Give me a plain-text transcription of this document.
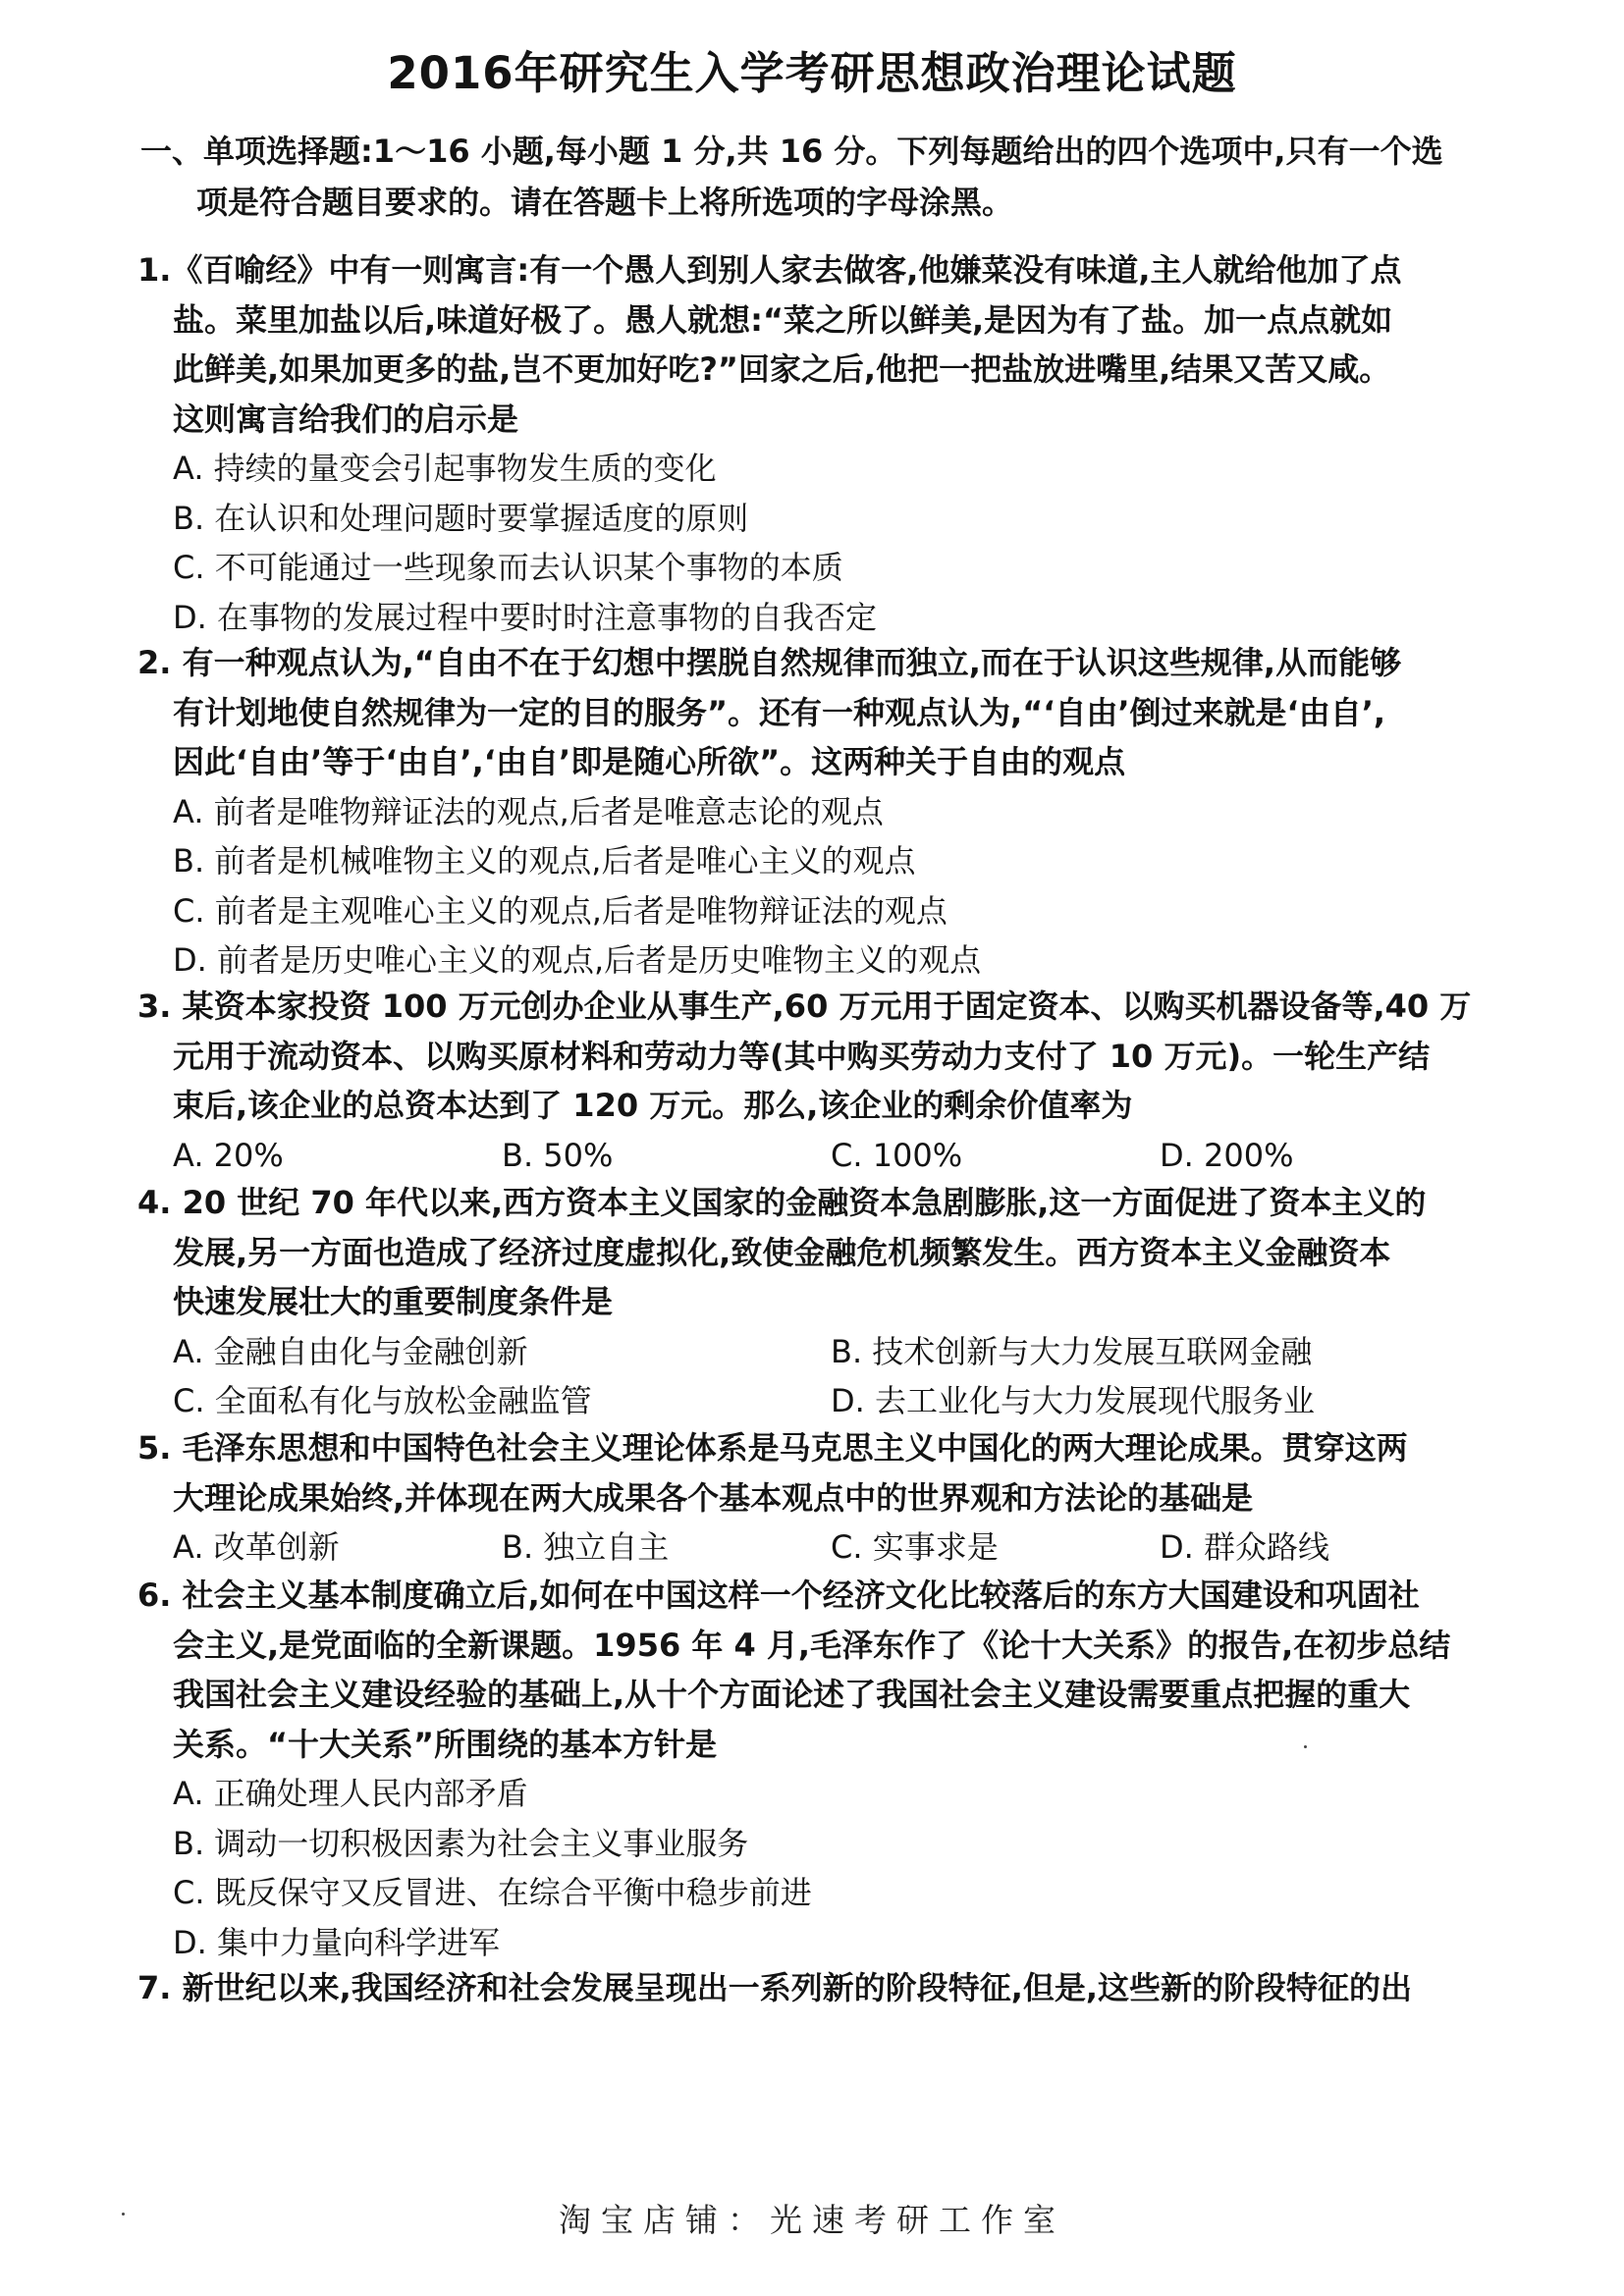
2016年研究生入学考研思想政治理论试题
一、单项选择题:1～16 小题,每小题 1 分,共 16 分。下列每题给出的四个选项中,只有一个选
项是符合题目要求的。请在答题卡上将所选项的字母涂黑。
1.《百喻经》中有一则寓言:有一个愚人到别人家去做客,他嫌菜没有味道,主人就给他加了点
盐。菜里加盐以后,味道好极了。愚人就想:“菜之所以鲜美,是因为有了盐。加一点点就如
此鲜美,如果加更多的盐,岂不更加好吃?”回家之后,他把一把盐放进嘴里,结果又苦又咸。
这则寓言给我们的启示是
A. 持续的量变会引起事物发生质的变化
B. 在认识和处理问题时要掌握适度的原则
C. 不可能通过一些现象而去认识某个事物的本质
D. 在事物的发展过程中要时时注意事物的自我否定
2. 有一种观点认为,“自由不在于幻想中摆脱自然规律而独立,而在于认识这些规律,从而能够
有计划地使自然规律为一定的目的服务”。还有一种观点认为,“‘自由’倒过来就是‘由自’,
因此‘自由’等于‘由自’,‘由自’即是随心所欲”。这两种关于自由的观点
A. 前者是唯物辩证法的观点,后者是唯意志论的观点
B. 前者是机械唯物主义的观点,后者是唯心主义的观点
C. 前者是主观唯心主义的观点,后者是唯物辩证法的观点
D. 前者是历史唯心主义的观点,后者是历史唯物主义的观点
3. 某资本家投资 100 万元创办企业从事生产,60 万元用于固定资本、以购买机器设备等,40 万
元用于流动资本、以购买原材料和劳动力等(其中购买劳动力支付了 10 万元)。一轮生产结
束后,该企业的总资本达到了 120 万元。那么,该企业的剩余价值率为
A. 20%	B. 50%	C. 100%	D. 200%
4. 20 世纪 70 年代以来,西方资本主义国家的金融资本急剧膨胀,这一方面促进了资本主义的
发展,另一方面也造成了经济过度虚拟化,致使金融危机频繁发生。西方资本主义金融资本
快速发展壮大的重要制度条件是
A. 金融自由化与金融创新	B. 技术创新与大力发展互联网金融
C. 全面私有化与放松金融监管	D. 去工业化与大力发展现代服务业
5. 毛泽东思想和中国特色社会主义理论体系是马克思主义中国化的两大理论成果。贯穿这两
大理论成果始终,并体现在两大成果各个基本观点中的世界观和方法论的基础是
A. 改革创新	B. 独立自主	C. 实事求是	D. 群众路线
6. 社会主义基本制度确立后,如何在中国这样一个经济文化比较落后的东方大国建设和巩固社
会主义,是党面临的全新课题。1956 年 4 月,毛泽东作了《论十大关系》的报告,在初步总结
我国社会主义建设经验的基础上,从十个方面论述了我国社会主义建设需要重点把握的重大
关系。“十大关系”所围绕的基本方针是
A. 正确处理人民内部矛盾
B. 调动一切积极因素为社会主义事业服务
C. 既反保守又反冒进、在综合平衡中稳步前进
D. 集中力量向科学进军
7. 新世纪以来,我国经济和社会发展呈现出一系列新的阶段特征,但是,这些新的阶段特征的出
淘宝店铺：光速考研工作室
